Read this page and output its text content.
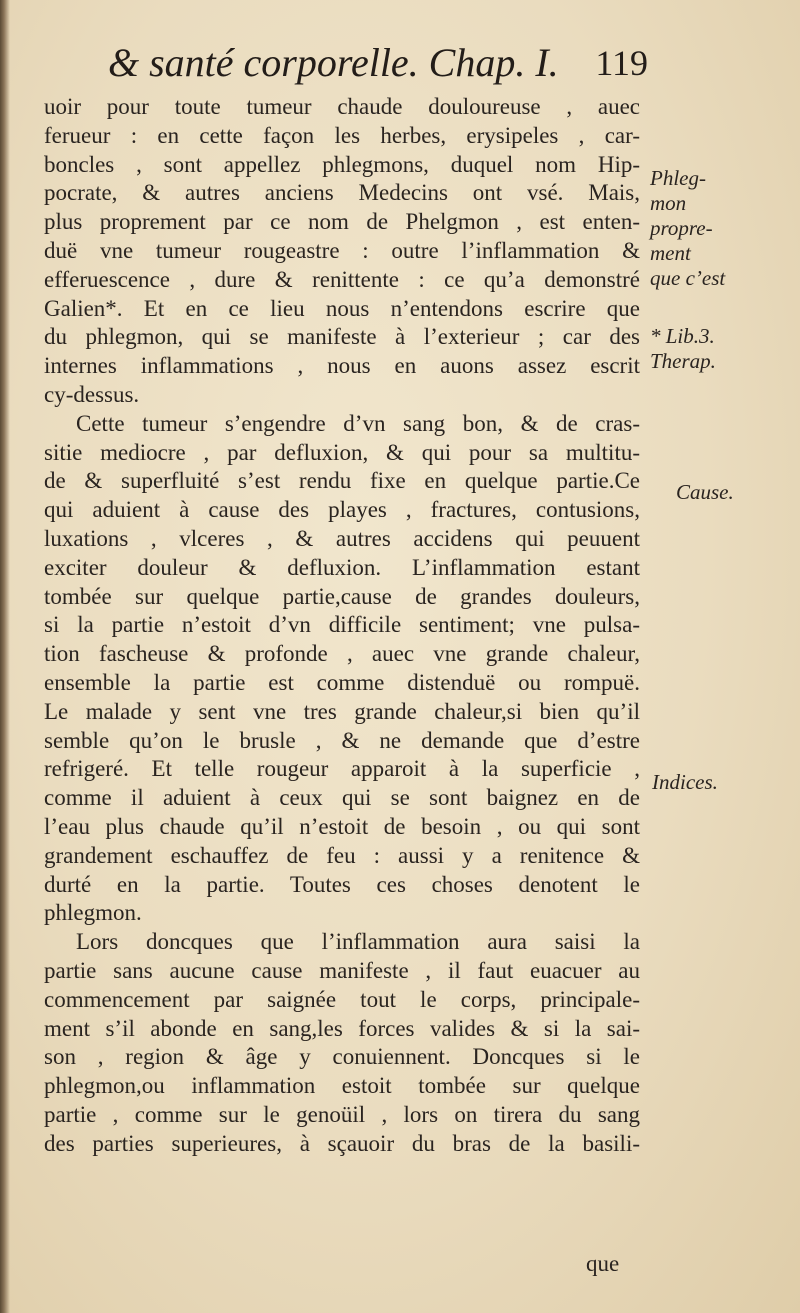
& santé corporelle. Chap. I. 119
uoir pour toute tumeur chaude douloureuse , auec
ferueur : en cette façon les herbes, erysipeles , car-
boncles , sont appellez phlegmons, duquel nom Hip-
pocrate, & autres anciens Medecins ont vsé. Mais,
plus proprement par ce nom de Phelgmon , est enten-
duë vne tumeur rougeastre : outre l’inflammation &
efferuescence , dure & renittente : ce qu’a demonstré
Galien*. Et en ce lieu nous n’entendons escrire que
du phlegmon, qui se manifeste à l’exterieur ; car des
internes inflammations , nous en auons assez escrit
cy-dessus.
Cette tumeur s’engendre d’vn sang bon, & de cras-
sitie mediocre , par defluxion, & qui pour sa multitu-
de & superfluité s’est rendu fixe en quelque partie.Ce
qui aduient à cause des playes , fractures, contusions,
luxations , vlceres , & autres accidens qui peuuent
exciter douleur & defluxion. L’inflammation estant
tombée sur quelque partie,cause de grandes douleurs,
si la partie n’estoit d’vn difficile sentiment; vne pulsa-
tion fascheuse & profonde , auec vne grande chaleur,
ensemble la partie est comme distenduë ou rompuë.
Le malade y sent vne tres grande chaleur,si bien qu’il
semble qu’on le brusle , & ne demande que d’estre
refrigeré. Et telle rougeur apparoit à la superficie ,
comme il aduient à ceux qui se sont baignez en de
l’eau plus chaude qu’il n’estoit de besoin , ou qui sont
grandement eschauffez de feu : aussi y a renitence &
durté en la partie. Toutes ces choses denotent le
phlegmon.
Lors doncques que l’inflammation aura saisi la
partie sans aucune cause manifeste , il faut euacuer au
commencement par saignée tout le corps, principale-
ment s’il abonde en sang,les forces valides & si la sai-
son , region & âge y conuiennent. Doncques si le
phlegmon,ou inflammation estoit tombée sur quelque
partie , comme sur le genoüil , lors on tirera du sang
des parties superieures, à sçauoir du bras de la basili-
que
Phleg-
mon
propre-
ment
que c’est
* Lib.3.
Therap.
Cause.
Indices.
